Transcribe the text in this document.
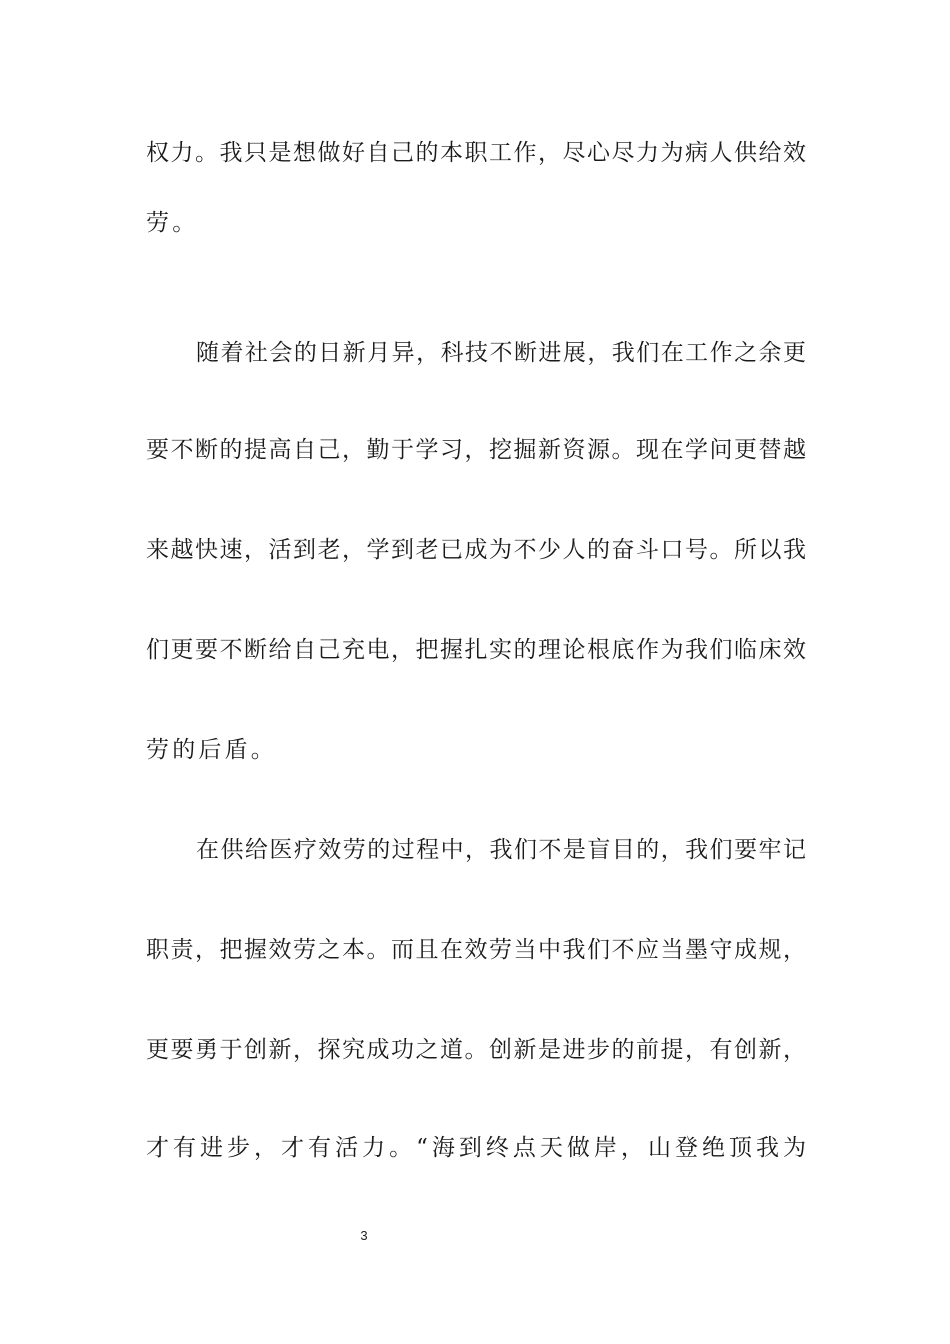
权力。我只是想做好自己的本职工作，尽心尽力为病人供给效
劳。
随着社会的日新月异，科技不断进展，我们在工作之余更
要不断的提高自己，勤于学习，挖掘新资源。现在学问更替越
来越快速，活到老，学到老已成为不少人的奋斗口号。所以我
们更要不断给自己充电，把握扎实的理论根底作为我们临床效
劳的后盾。
在供给医疗效劳的过程中，我们不是盲目的，我们要牢记
职责，把握效劳之本。而且在效劳当中我们不应当墨守成规，
更要勇于创新，探究成功之道。创新是进步的前提，有创新，
才有进步，才有活力。“海到终点天做岸，山登绝顶我为
3
